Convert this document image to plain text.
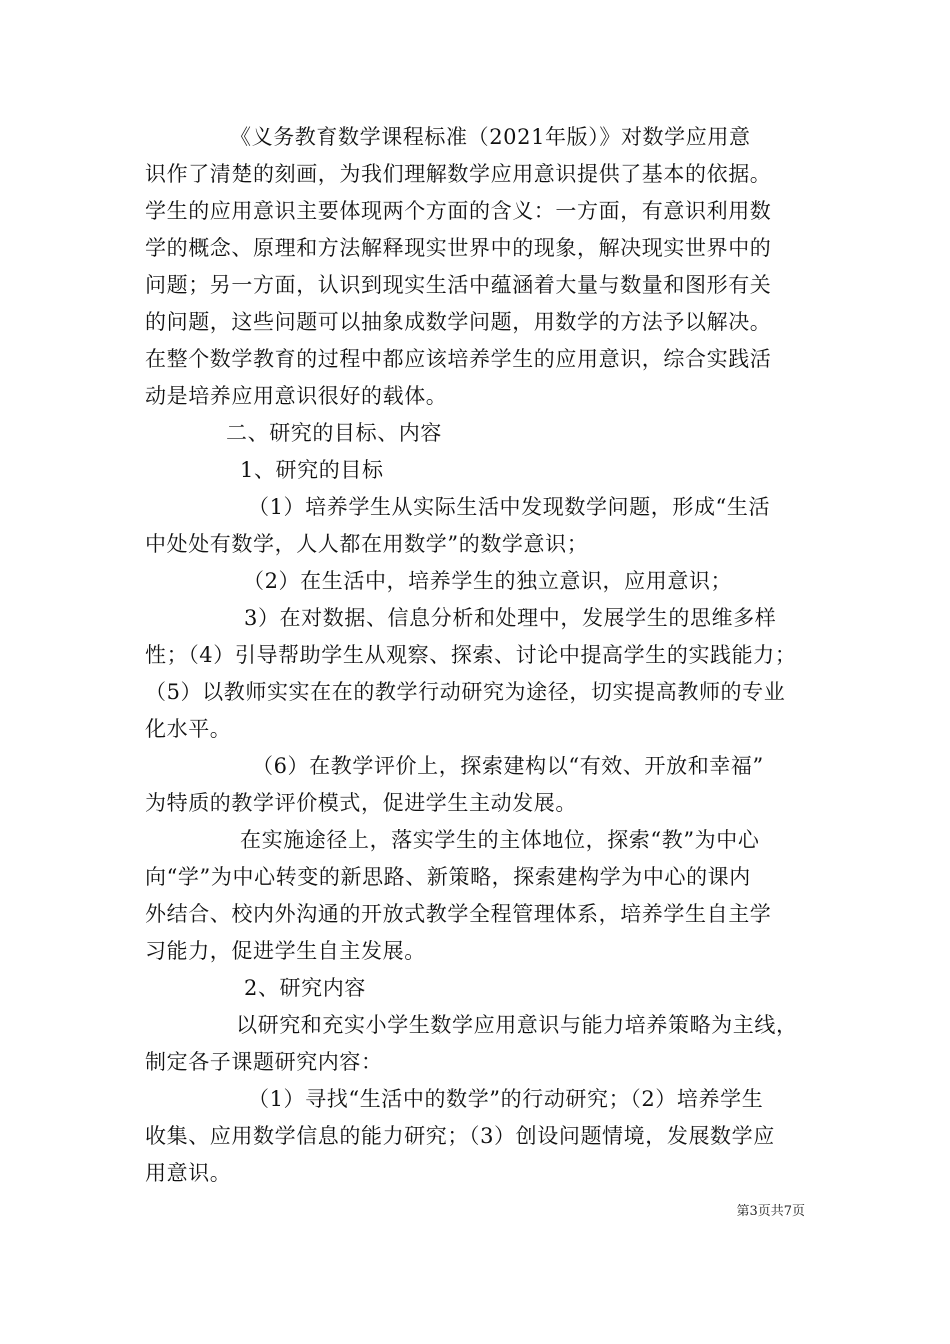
《义务教育数学课程标准（2021年版）》对数学应用意
识作了清楚的刻画，为我们理解数学应用意识提供了基本的依据。
学生的应用意识主要体现两个方面的含义：一方面，有意识利用数
学的概念、原理和方法解释现实世界中的现象，解决现实世界中的
问题；另一方面，认识到现实生活中蕴涵着大量与数量和图形有关
的问题，这些问题可以抽象成数学问题，用数学的方法予以解决。
在整个数学教育的过程中都应该培养学生的应用意识，综合实践活
动是培养应用意识很好的载体。
二、研究的目标、内容
1、研究的目标
（1）培养学生从实际生活中发现数学问题，形成“生活
中处处有数学，人人都在用数学”的数学意识；
（2）在生活中，培养学生的独立意识，应用意识；
3）在对数据、信息分析和处理中，发展学生的思维多样
性；（4）引导帮助学生从观察、探索、讨论中提高学生的实践能力；
（5）以教师实实在在的教学行动研究为途径，切实提高教师的专业
化水平。
（6）在教学评价上，探索建构以“有效、开放和幸福”
为特质的教学评价模式，促进学生主动发展。
在实施途径上，落实学生的主体地位，探索“教”为中心
向“学”为中心转变的新思路、新策略，探索建构学为中心的课内
外结合、校内外沟通的开放式教学全程管理体系，培养学生自主学
习能力，促进学生自主发展。
2、研究内容
以研究和充实小学生数学应用意识与能力培养策略为主线，
制定各子课题研究内容：
（1）寻找“生活中的数学”的行动研究；（2）培养学生
收集、应用数学信息的能力研究；（3）创设问题情境，发展数学应
用意识。
第3页共7页
